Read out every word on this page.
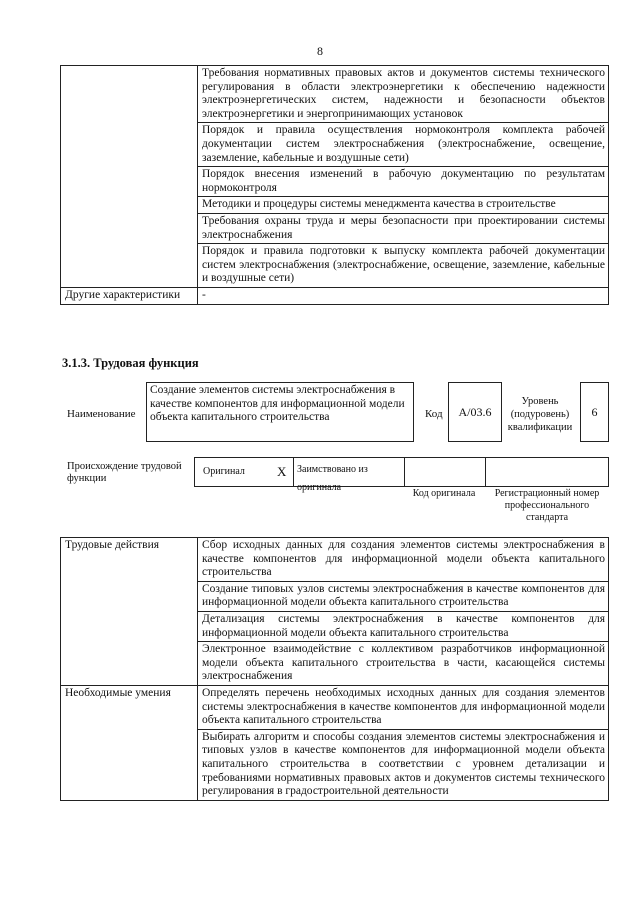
8
	Требования нормативных правовых актов и документов системы технического регулирования в области электроэнергетики к обеспечению надежности электроэнергетических систем, надежности и безопасности объектов электроэнергетики и энергопринимающих установок
	Порядок и правила осуществления нормоконтроля комплекта рабочей документации систем электроснабжения (электроснабжение, освещение, заземление, кабельные и воздушные сети)
	Порядок внесения изменений в рабочую документацию по результатам нормоконтроля
	Методики и процедуры системы менеджмента качества в строительстве
	Требования охраны труда и меры безопасности при проектировании системы электроснабжения
	Порядок и правила подготовки к выпуску комплекта рабочей документации систем электроснабжения (электроснабжение, освещение, заземление, кабельные и воздушные сети)
Другие характеристики	-
3.1.3. Трудовая функция
Наименование
Создание элементов системы электроснабжения в качестве компонентов для информационной модели объекта капитального строительства	Код	A/03.6
Уровень (подуровень) квалификации
6
Происхождение трудовой функции
Оригинал X	Заимствовано из оригинала
Код оригинала	Регистрационный номер профессионального стандарта
Трудовые действия	Сбор исходных данных для создания элементов системы электроснабжения в качестве компонентов для информационной модели объекта капитального строительства
	Создание типовых узлов системы электроснабжения в качестве компонентов для информационной модели объекта капитального строительства
	Детализация системы электроснабжения в качестве компонентов для информационной модели объекта капитального строительства
	Электронное взаимодействие с коллективом разработчиков информационной модели объекта капитального строительства в части, касающейся системы электроснабжения
Необходимые умения	Определять перечень необходимых исходных данных для создания элементов системы электроснабжения в качестве компонентов для информационной модели объекта капитального строительства
	Выбирать алгоритм и способы создания элементов системы электроснабжения и типовых узлов в качестве компонентов для информационной модели объекта капитального строительства в соответствии с уровнем детализации и требованиями нормативных правовых актов и документов системы технического регулирования в градостроительной деятельности
